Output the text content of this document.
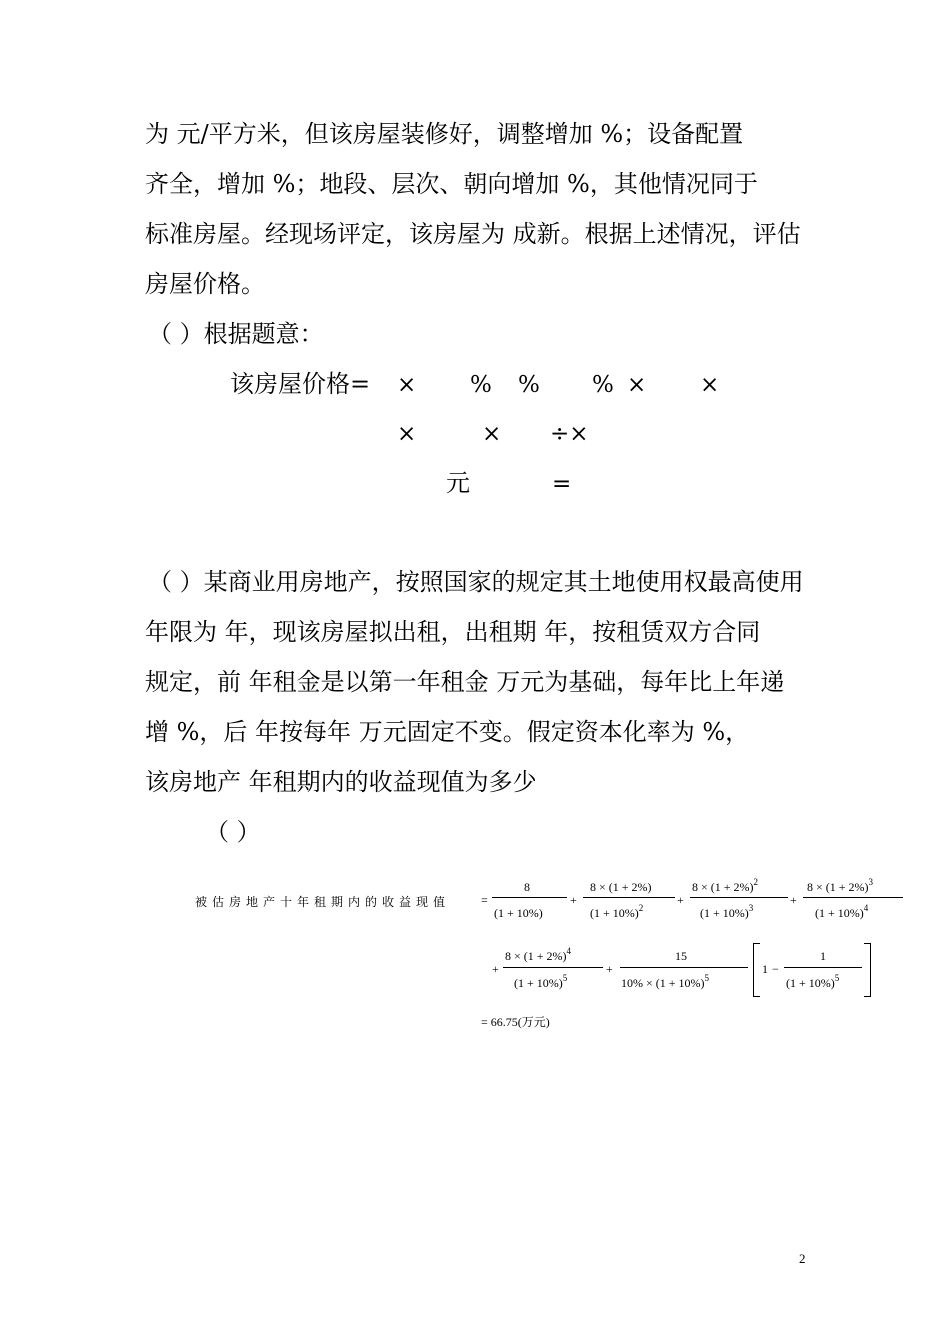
为 元/平方米，但该房屋装修好，调整增加 %；设备配置
齐全，增加 %；地段、层次、朝向增加 %，其他情况同于
标准房屋。经现场评定，该房屋为 成新。根据上述情况，评估
房屋价格。
（ ）根据题意：
该房屋价格= × % % % × ×
×	× ÷×
元	=
（ ）某商业用房地产，按照国家的规定其土地使用权最高使用
年限为 年，现该房屋拟出租，出租期 年，按租赁双方合同
规定，前 年租金是以第一年租金 万元为基础，每年比上年递
增 %，后 年按每年 万元固定不变。假定资本化率为 %，
该房地产 年租期内的收益现值为多少
（ ）
被估房地产十年租期内的收益现值	=
8
(1 + 10%)
+
8 × (1 + 2%)
$(1 + 10\%)^2$
+
$8 \times (1 + 2\%)^2$
$(1 + 10\%)^3$
+
$8 \times (1 + 2\%)^3$
$(1 + 10\%)^4$
+
$8 \times (1 + 2\%)^4$
$(1 + 10\%)^5$
+
15
$10\% \times (1 + 10\%)^5$
1 −
1
$(1 + 10\%)^5$
= 66.75(万元)
2
